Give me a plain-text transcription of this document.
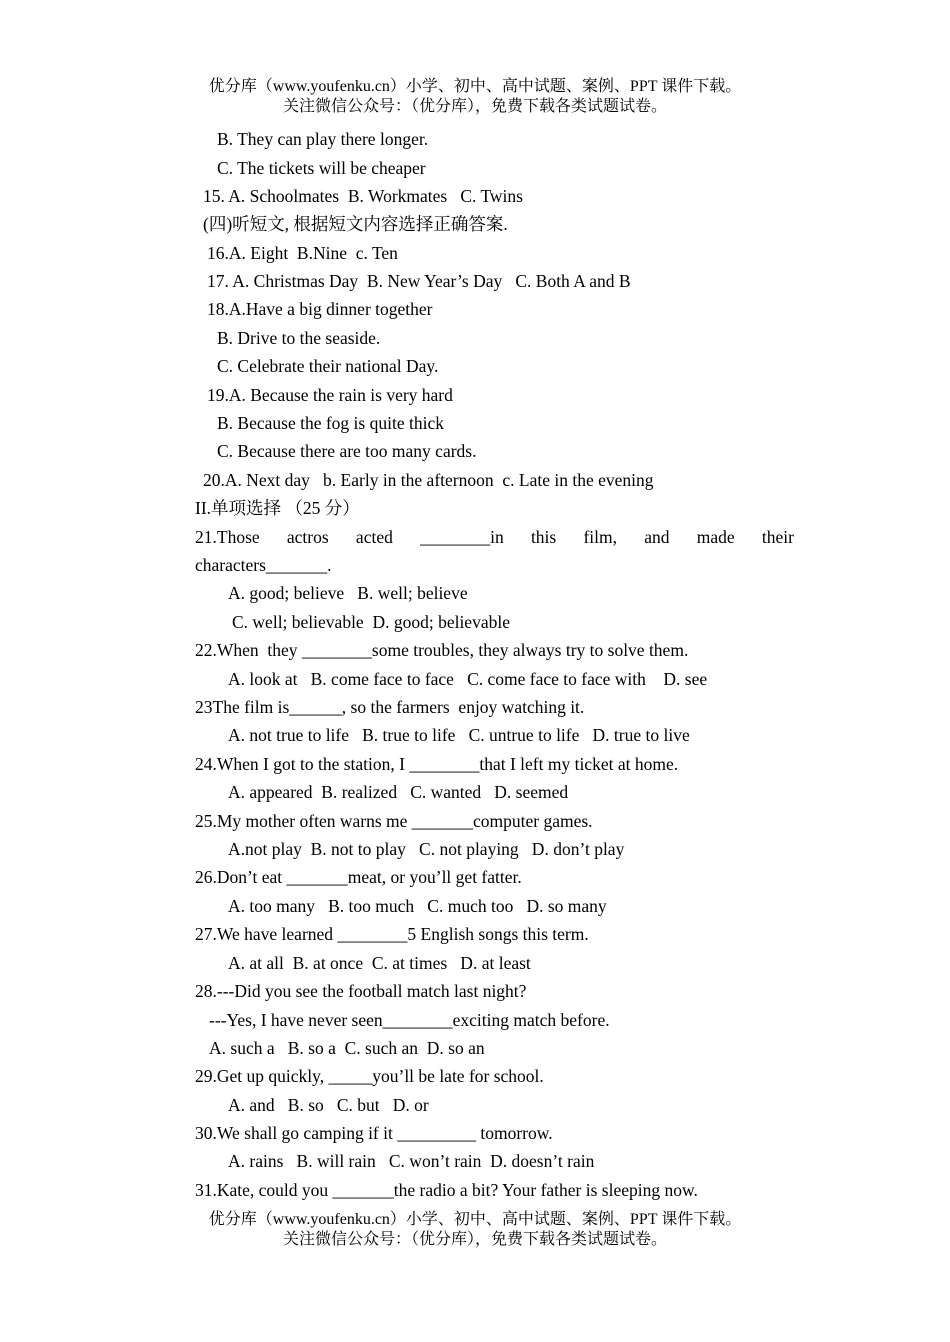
优分库（www.youfenku.cn）小学、初中、高中试题、案例、PPT 课件下载。
关注微信公众号：（优分库），免费下载各类试题试卷。
B. They can play there longer.
C. The tickets will be cheaper
15. A. Schoolmates  B. Workmates   C. Twins
(四)听短文, 根据短文内容选择正确答案.
16.A. Eight  B.Nine  c. Ten
17. A. Christmas Day  B. New Year’s Day   C. Both A and B
18.A.Have a big dinner together
B. Drive to the seaside.
C. Celebrate their national Day.
19.A. Because the rain is very hard
B. Because the fog is quite thick
C. Because there are too many cards.
20.A. Next day   b. Early in the afternoon  c. Late in the evening
II.单项选择 （25 分）
21.Those actros acted ________in this film, and made their
characters_______.
A. good; believe   B. well; believe
C. well; believable  D. good; believable
22.When  they ________some troubles, they always try to solve them.
A. look at   B. come face to face   C. come face to face with    D. see
23The film is______, so the farmers  enjoy watching it.
A. not true to life   B. true to life   C. untrue to life   D. true to live
24.When I got to the station, I ________that I left my ticket at home.
A. appeared  B. realized   C. wanted   D. seemed
25.My mother often warns me _______computer games.
A.not play  B. not to play   C. not playing   D. don’t play
26.Don’t eat _______meat, or you’ll get fatter.
A. too many   B. too much   C. much too   D. so many
27.We have learned ________5 English songs this term.
A. at all  B. at once  C. at times   D. at least
28.---Did you see the football match last night?
---Yes, I have never seen________exciting match before.
A. such a   B. so a  C. such an  D. so an
29.Get up quickly, _____you’ll be late for school.
A. and   B. so   C. but   D. or
30.We shall go camping if it _________ tomorrow.
A. rains   B. will rain   C. won’t rain  D. doesn’t rain
31.Kate, could you _______the radio a bit? Your father is sleeping now.
优分库（www.youfenku.cn）小学、初中、高中试题、案例、PPT 课件下载。
关注微信公众号：（优分库），免费下载各类试题试卷。
